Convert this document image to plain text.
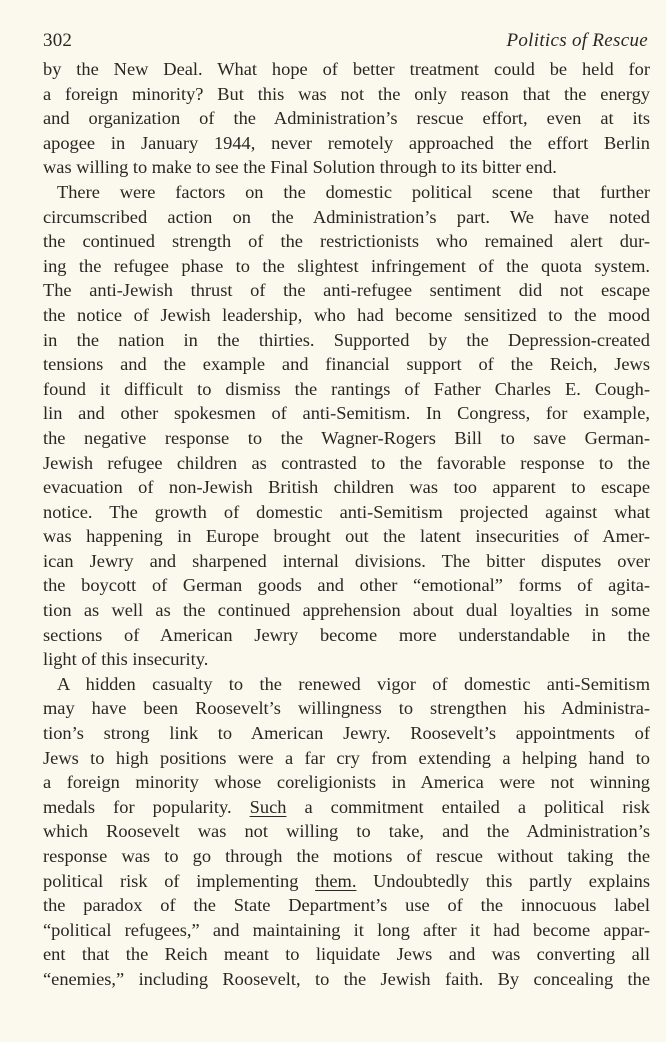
302	Politics of Rescue
by the New Deal. What hope of better treatment could be held for
a foreign minority? But this was not the only reason that the energy
and organization of the Administration’s rescue effort, even at its
apogee in January 1944, never remotely approached the effort Berlin
was willing to make to see the Final Solution through to its bitter end.
There were factors on the domestic political scene that further
circumscribed action on the Administration’s part. We have noted
the continued strength of the restrictionists who remained alert dur-
ing the refugee phase to the slightest infringement of the quota system.
The anti-Jewish thrust of the anti-refugee sentiment did not escape
the notice of Jewish leadership, who had become sensitized to the mood
in the nation in the thirties. Supported by the Depression-created
tensions and the example and financial support of the Reich, Jews
found it difficult to dismiss the rantings of Father Charles E. Cough-
lin and other spokesmen of anti-Semitism. In Congress, for example,
the negative response to the Wagner-Rogers Bill to save German-
Jewish refugee children as contrasted to the favorable response to the
evacuation of non-Jewish British children was too apparent to escape
notice. The growth of domestic anti-Semitism projected against what
was happening in Europe brought out the latent insecurities of Amer-
ican Jewry and sharpened internal divisions. The bitter disputes over
the boycott of German goods and other “emotional” forms of agita-
tion as well as the continued apprehension about dual loyalties in some
sections of American Jewry become more understandable in the
light of this insecurity.
A hidden casualty to the renewed vigor of domestic anti-Semitism
may have been Roosevelt’s willingness to strengthen his Administra-
tion’s strong link to American Jewry. Roosevelt’s appointments of
Jews to high positions were a far cry from extending a helping hand to
a foreign minority whose coreligionists in America were not winning
medals for popularity. Such a commitment entailed a political risk
which Roosevelt was not willing to take, and the Administration’s
response was to go through the motions of rescue without taking the
political risk of implementing them. Undoubtedly this partly explains
the paradox of the State Department’s use of the innocuous label
“political refugees,” and maintaining it long after it had become appar-
ent that the Reich meant to liquidate Jews and was converting all
“enemies,” including Roosevelt, to the Jewish faith. By concealing the
